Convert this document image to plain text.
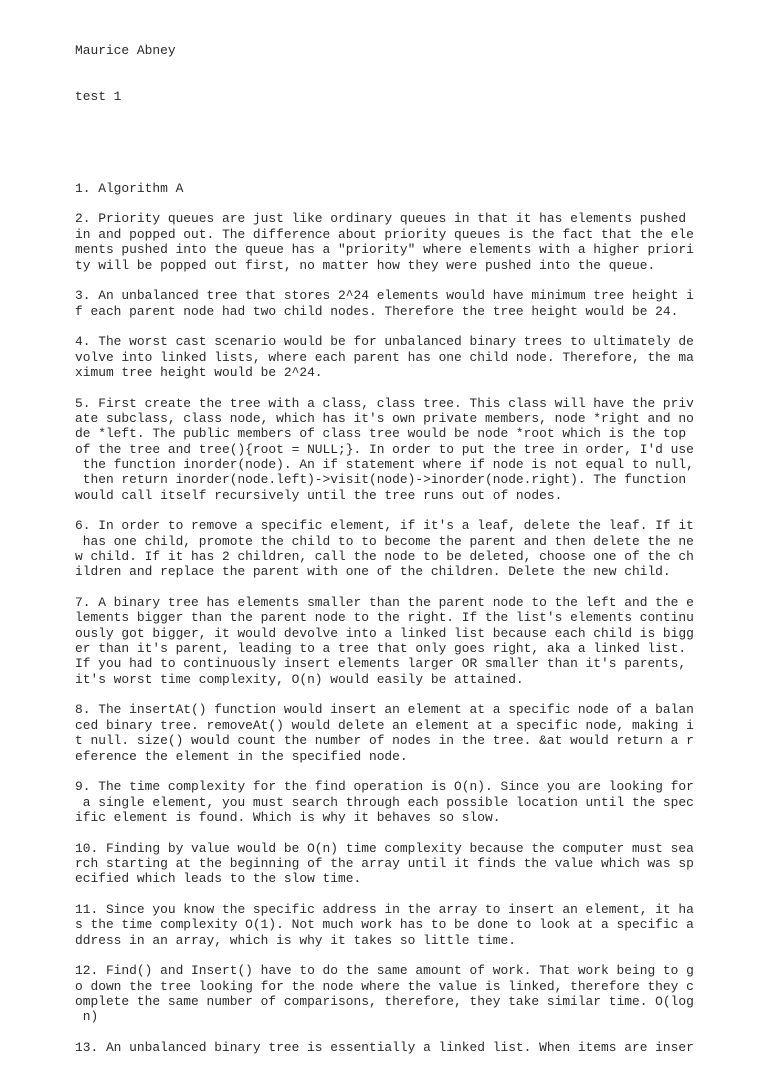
Maurice Abney

test 1

1. Algorithm A
2. Priority queues are just like ordinary queues in that it has elements pushed
in and popped out. The difference about priority queues is the fact that the ele
ments pushed into the queue has a "priority" where elements with a higher priori
ty will be popped out first, no matter how they were pushed into the queue.
3. An unbalanced tree that stores 2^24 elements would have minimum tree height i
f each parent node had two child nodes. Therefore the tree height would be 24.
4. The worst cast scenario would be for unbalanced binary trees to ultimately de
volve into linked lists, where each parent has one child node. Therefore, the ma
ximum tree height would be 2^24.
5. First create the tree with a class, class tree. This class will have the priv
ate subclass, class node, which has it's own private members, node *right and no
de *left. The public members of class tree would be node *root which is the top
of the tree and tree(){root = NULL;}. In order to put the tree in order, I'd use
the function inorder(node). An if statement where if node is not equal to null,
then return inorder(node.left)->visit(node)->inorder(node.right). The function
would call itself recursively until the tree runs out of nodes.
6. In order to remove a specific element, if it's a leaf, delete the leaf. If it
has one child, promote the child to to become the parent and then delete the ne
w child. If it has 2 children, call the node to be deleted, choose one of the ch
ildren and replace the parent with one of the children. Delete the new child.
7. A binary tree has elements smaller than the parent node to the left and the e
lements bigger than the parent node to the right. If the list's elements continu
ously got bigger, it would devolve into a linked list because each child is bigg
er than it's parent, leading to a tree that only goes right, aka a linked list.
If you had to continuously insert elements larger OR smaller than it's parents,
it's worst time complexity, O(n) would easily be attained.
8. The insertAt() function would insert an element at a specific node of a balan
ced binary tree. removeAt() would delete an element at a specific node, making i
t null. size() would count the number of nodes in the tree. &at would return a r
eference the element in the specified node.
9. The time complexity for the find operation is O(n). Since you are looking for
a single element, you must search through each possible location until the spec
ific element is found. Which is why it behaves so slow.
10. Finding by value would be O(n) time complexity because the computer must sea
rch starting at the beginning of the array until it finds the value which was sp
ecified which leads to the slow time.
11. Since you know the specific address in the array to insert an element, it ha
s the time complexity O(1). Not much work has to be done to look at a specific a
ddress in an array, which is why it takes so little time.
12. Find() and Insert() have to do the same amount of work. That work being to g
o down the tree looking for the node where the value is linked, therefore they c
omplete the same number of comparisons, therefore, they take similar time. O(log
n)
13. An unbalanced binary tree is essentially a linked list. When items are inser
